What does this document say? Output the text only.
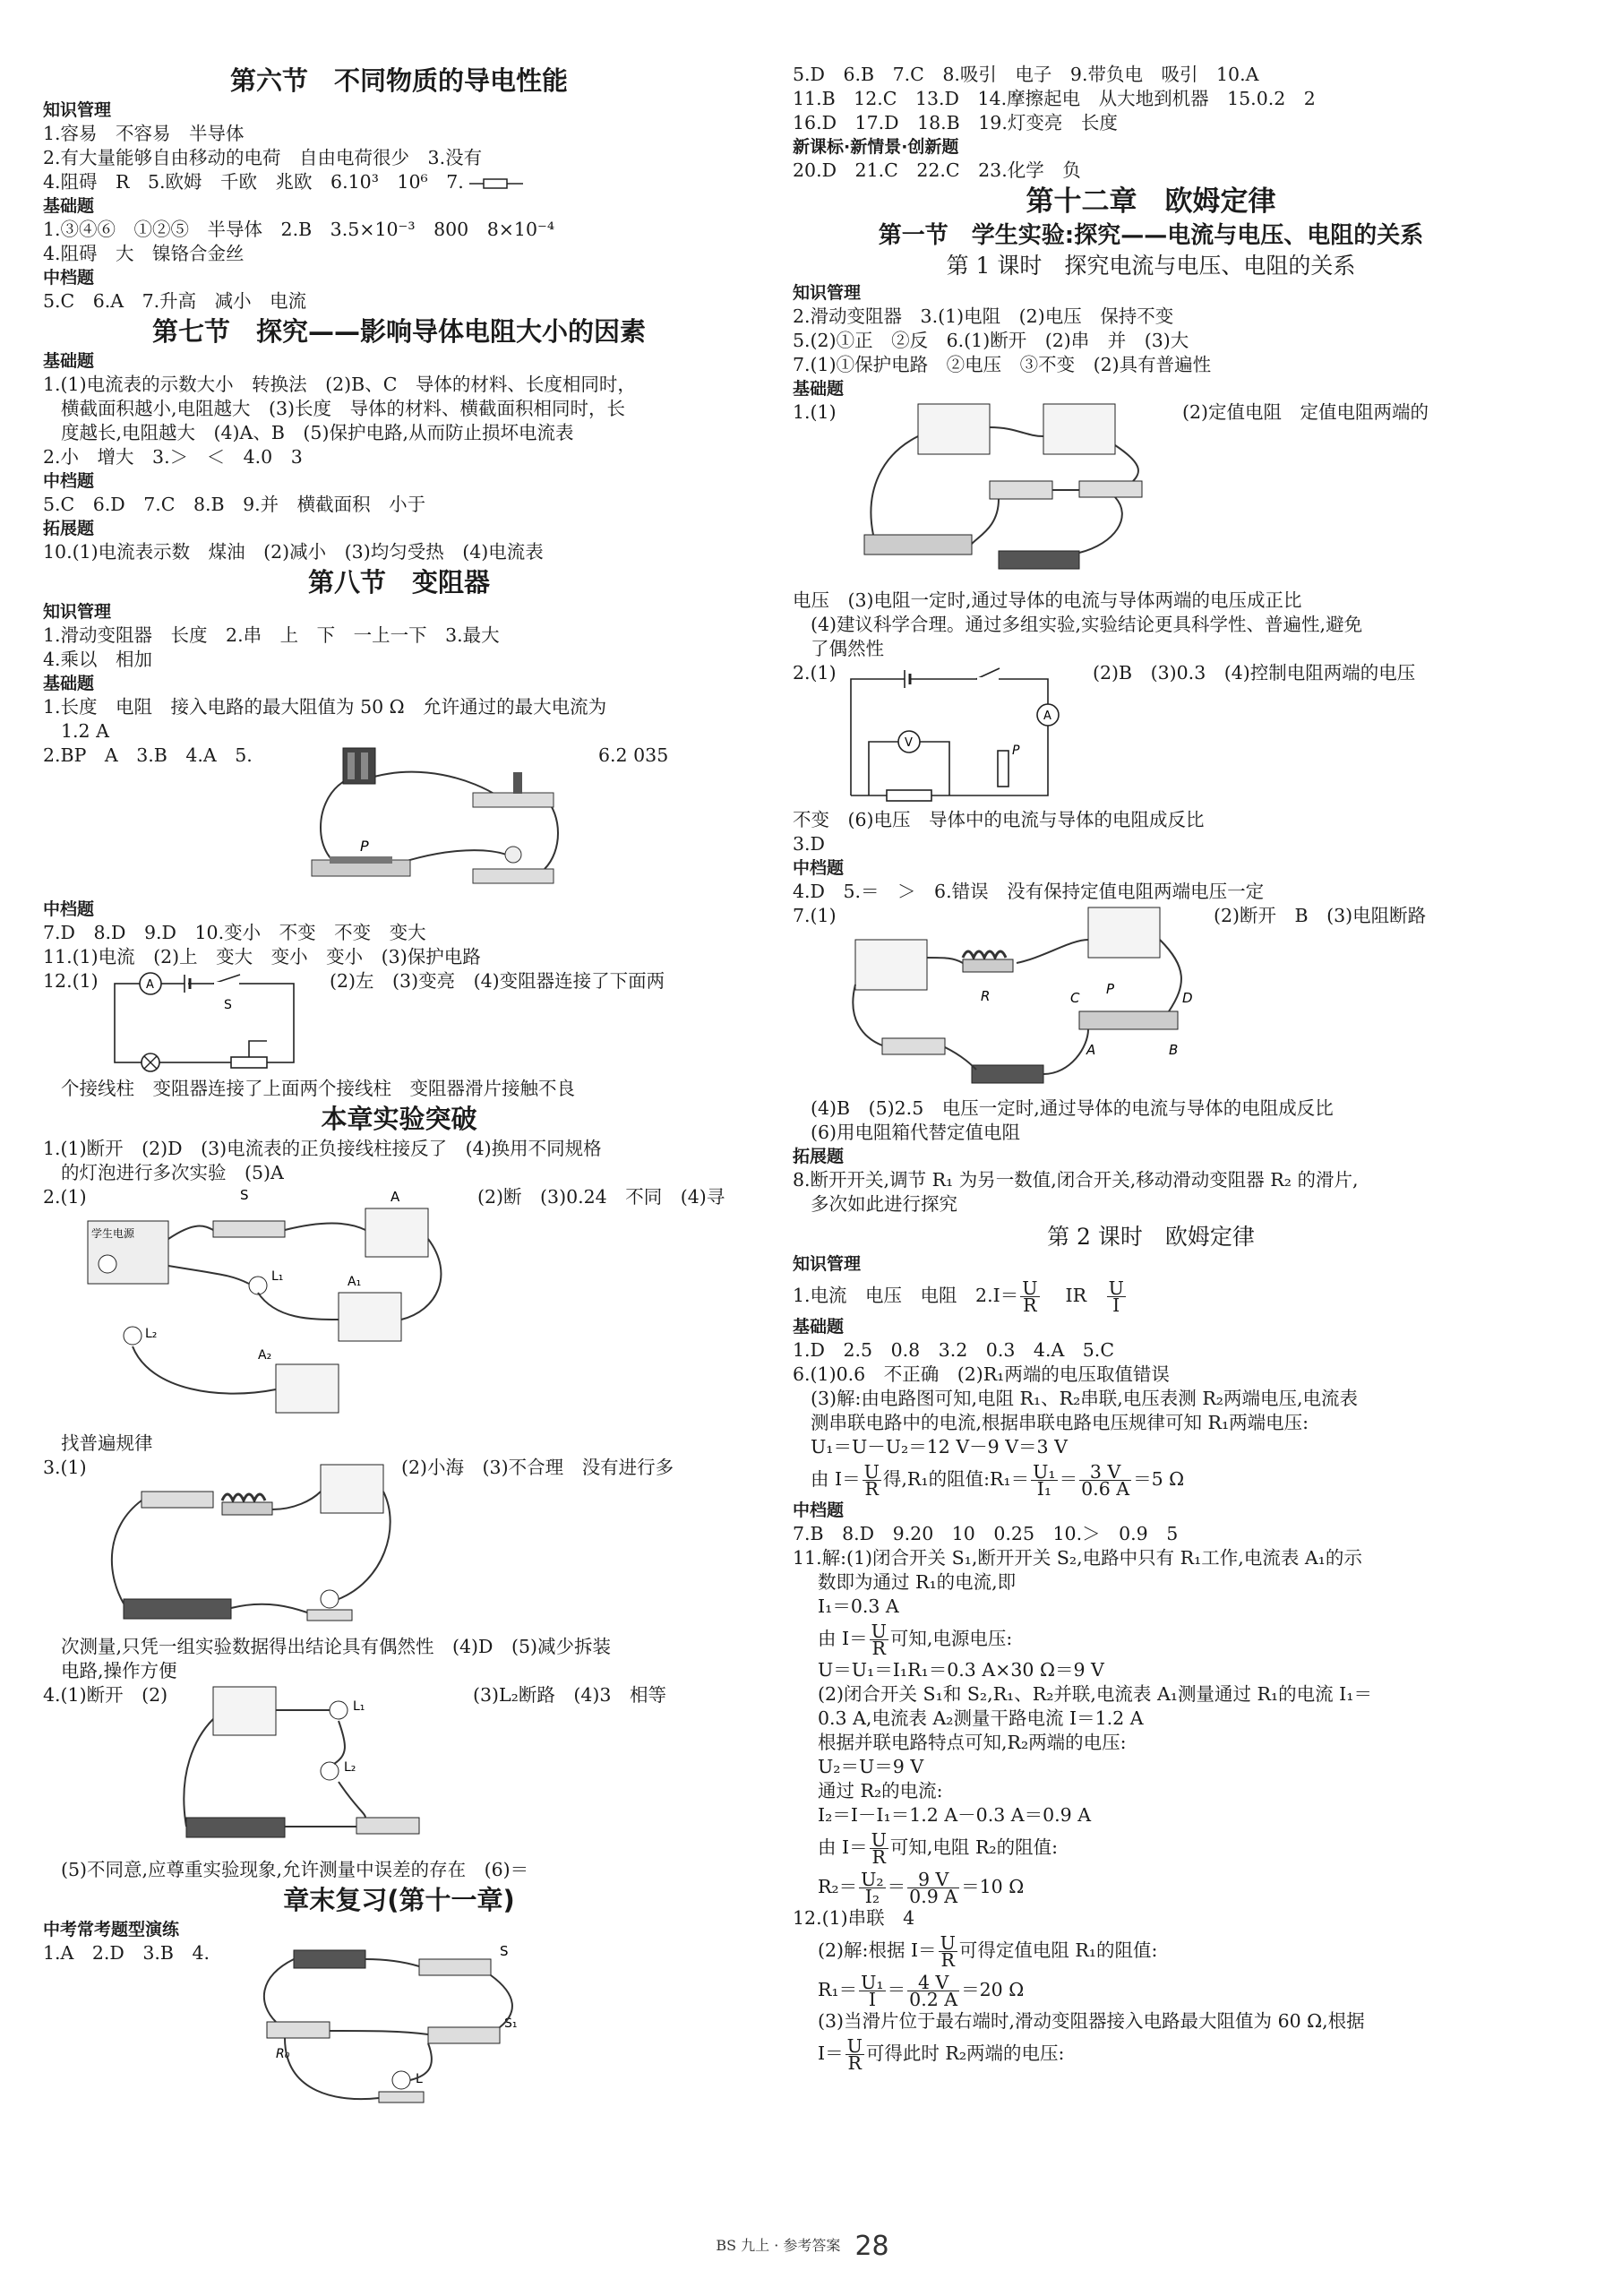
第六节　不同物质的导电性能
知识管理
1.容易　不容易　半导体
2.有大量能够自由移动的电荷　自由电荷很少　3.没有
4.阻碍　R　5.欧姆　千欧　兆欧　6.10³　10⁶　7.
基础题
1.③④⑥　①②⑤　半导体　2.B　3.5×10⁻³　800　8×10⁻⁴
4.阻碍　大　镍铬合金丝
中档题
5.C　6.A　7.升高　减小　电流
第七节　探究——影响导体电阻大小的因素
基础题
1.(1)电流表的示数大小　转换法　(2)B、C　导体的材料、长度相同时，
横截面积越小,电阻越大　(3)长度　导体的材料、横截面积相同时，长
度越长,电阻越大　(4)A、B　(5)保护电路,从而防止损坏电流表
2.小　增大　3.＞　＜　4.0　3
中档题
5.C　6.D　7.C　8.B　9.并　横截面积　小于
拓展题
10.(1)电流表示数　煤油　(2)减小　(3)均匀受热　(4)电流表
第八节　变阻器
知识管理
1.滑动变阻器　长度　2.串　上　下　一上一下　3.最大
4.乘以　相加
基础题
1.长度　电阻　接入电路的最大阻值为 50 Ω　允许通过的最大电流为
1.2 A
2.BP　A　3.B　4.A　5.	6.2 035
P
中档题
7.D　8.D　9.D　10.变小　不变　不变　变大
11.(1)电流　(2)上　变大　变小　变小　(3)保护电路
12.(1)	(2)左　(3)变亮　(4)变阻器连接了下面两
A
S
个接线柱　变阻器连接了上面两个接线柱　变阻器滑片接触不良
本章实验突破
1.(1)断开　(2)D　(3)电流表的正负接线柱接反了　(4)换用不同规格
的灯泡进行多次实验　(5)A
2.(1)	(2)断　(3)0.24　不同　(4)寻
学生电源
S	A
L₁	A₁
L₂
A₂
找普遍规律
3.(1)	(2)小海　(3)不合理　没有进行多
次测量,只凭一组实验数据得出结论具有偶然性　(4)D　(5)减少拆装
电路,操作方便
4.(1)断开　(2)	(3)L₂断路　(4)3　相等
L₁
L₂
(5)不同意,应尊重实验现象,允许测量中误差的存在　(6)＝
章末复习(第十一章)
中考常考题型演练
1.A　2.D　3.B　4.	S
R₀
S₁
L
5.D　6.B　7.C　8.吸引　电子　9.带负电　吸引　10.A
11.B　12.C　13.D　14.摩擦起电　从大地到机器　15.0.2　2
16.D　17.D　18.B　19.灯变亮　长度
新课标·新情景·创新题
20.D　21.C　22.C　23.化学　负
第十二章　欧姆定律
第一节　学生实验:探究——电流与电压、电阻的关系
第 1 课时　探究电流与电压、电阻的关系
知识管理
2.滑动变阻器　3.(1)电阻　(2)电压　保持不变
5.(2)①正　②反　6.(1)断开　(2)串　并　(3)大
7.(1)①保护电路　②电压　③不变　(2)具有普遍性
基础题
1.(1)	(2)定值电阻　定值电阻两端的
电压　(3)电阻一定时,通过导体的电流与导体两端的电压成正比
(4)建议科学合理。通过多组实验,实验结论更具科学性、普遍性,避免
了偶然性
2.(1)	(2)B　(3)0.3　(4)控制电阻两端的电压
A
V
P
不变　(6)电压　导体中的电流与导体的电阻成反比
3.D
中档题
4.D　5.＝　＞　6.错误　没有保持定值电阻两端电压一定
7.(1)	(2)断开　B　(3)电阻断路
R	C
P
D
A	B
(4)B　(5)2.5　电压一定时,通过导体的电流与导体的电阻成反比
(6)用电阻箱代替定值电阻
拓展题
8.断开开关,调节 R₁ 为另一数值,闭合开关,移动滑动变阻器 R₂ 的滑片,
多次如此进行探究
第 2 课时　欧姆定律
知识管理
1.电流　电压　电阻　$2.I= \frac{U}{R}$
　 IR　 $\frac{U}{I}$
基础题
1.D　2.5　0.8　3.2　0.3　4.A　5.C
6.(1)0.6　不正确　(2)R₁两端的电压取值错误
(3)解:由电路图可知,电阻 R₁、R₂串联,电压表测 R₂两端电压,电流表
测串联电路中的电流,根据串联电路电压规律可知 R₁两端电压:
U₁＝U－U₂＝12 V－9 V＝3 V
由 $I= \frac{U}{R}$ 得,R₁的阻值:R₁＝ $\frac{\text{U₁}}{\text{I₁}} = \frac{3 V}{0.6 A} =5$ Ω
中档题
7.B　8.D　9.20　10　0.25　10.＞　0.9　5
11.解:(1)闭合开关 S₁,断开开关 S₂,电路中只有 R₁工作,电流表 A₁的示
数即为通过 R₁的电流,即
I₁＝0.3 A
由 $I= \frac{U}{R}$ 可知,电源电压:
U＝U₁＝I₁R₁＝0.3 A×30 Ω＝9 V
(2)闭合开关 S₁和 S₂,R₁、R₂并联,电流表 A₁测量通过 R₁的电流 I₁＝
0.3 A,电流表 A₂测量干路电流 I＝1.2 A
根据并联电路特点可知,R₂两端的电压:
U₂＝U＝9 V
通过 R₂的电流:
I₂＝I－I₁＝1.2 A－0.3 A＝0.9 A
由 $I= \frac{U}{R}$ 可知,电阻 R₂的阻值:
$R_2= \frac{\text{U₂}}{\text{I₂}} = \frac{9 V}{0.9 A} =10$ Ω
12.(1)串联　4
(2)解:根据 $I= \frac{U}{R}$ 可得定值电阻 R₁的阻值:
$R_1= \frac{\text{U₁}}{I} = \frac{4 V}{0.2 A} =20$ Ω
(3)当滑片位于最右端时,滑动变阻器接入电路最大阻值为 60 Ω,根据
$I= \frac{U}{R}$ 可得此时 R₂两端的电压:
BS 九上 · 参考答案 28
